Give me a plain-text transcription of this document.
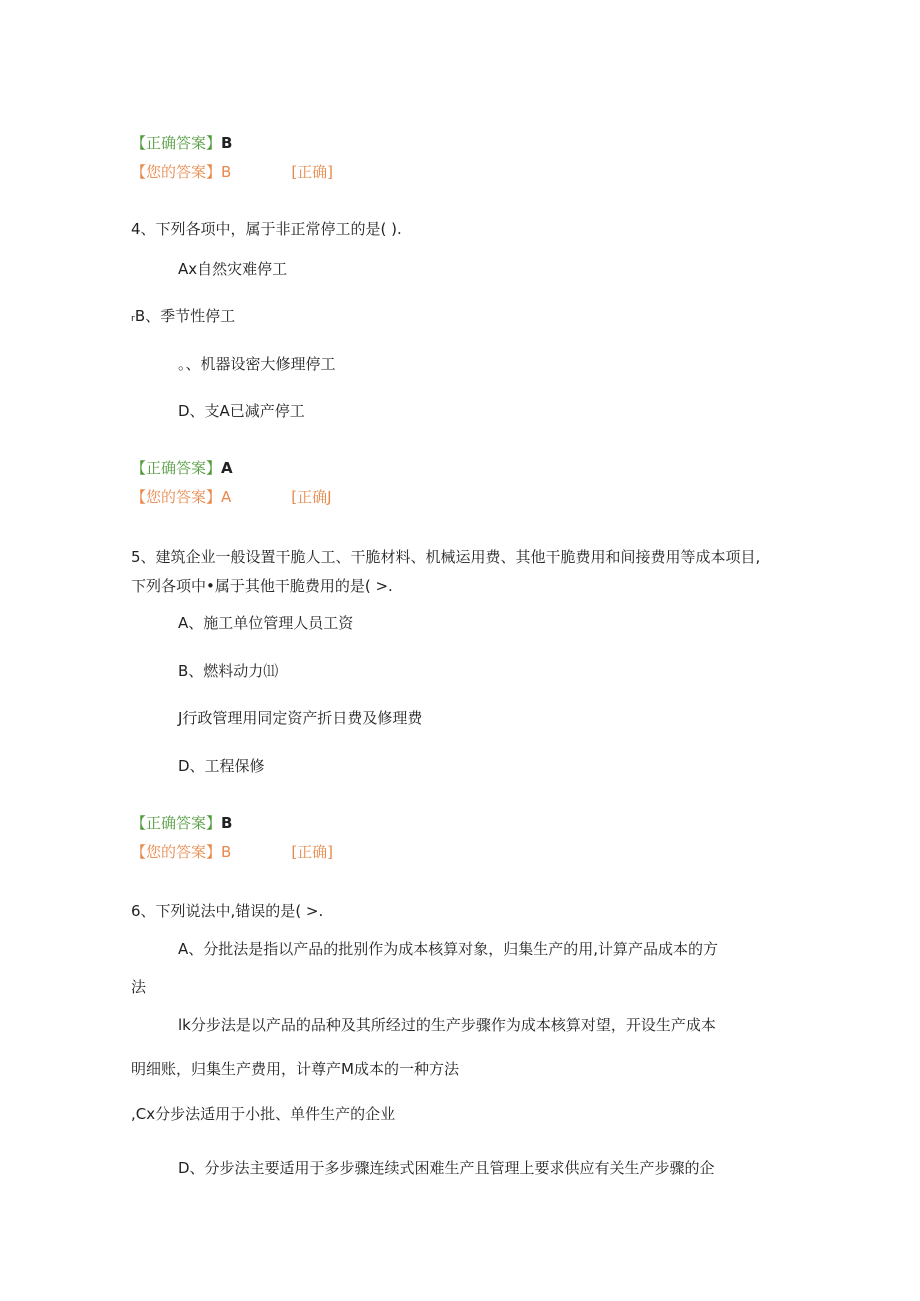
【正确答案】B
【您的答案】B	[正确]
4、下列各项中，属于非正常停工的是( ).
Ax自然灾难停工
ᵣB、季节性停工
。、机器设密大修理停工
D、支A已减产停工
【正确答案】A
【您的答案】A	[正确J
5、建筑企业一般设置干脆人工、干脆材料、机械运用费、其他干脆费用和间接费用等成本项目,
下列各项中•属于其他干脆费用的是( >.
A、施工单位管理人员工资
B、燃料动力⑾
J行政管理用同定资产折日费及修理费
D、工程保修
【正确答案】B
【您的答案】B	[正确]
6、下列说法中,错误的是( >.
A、分批法是指以产品的批别作为成本核算对象，归集生产的用,计算产品成本的方
法
lk分步法是以产品的品种及其所经过的生产步骤作为成本核算对望，开设生产成本
明细账，归集生产费用，计尊产M成本的一种方法
,Cx分步法适用于小批、单件生产的企业
D、分步法主要适用于多步骤连续式困难生产且管理上要求供应有关生产步骤的企
